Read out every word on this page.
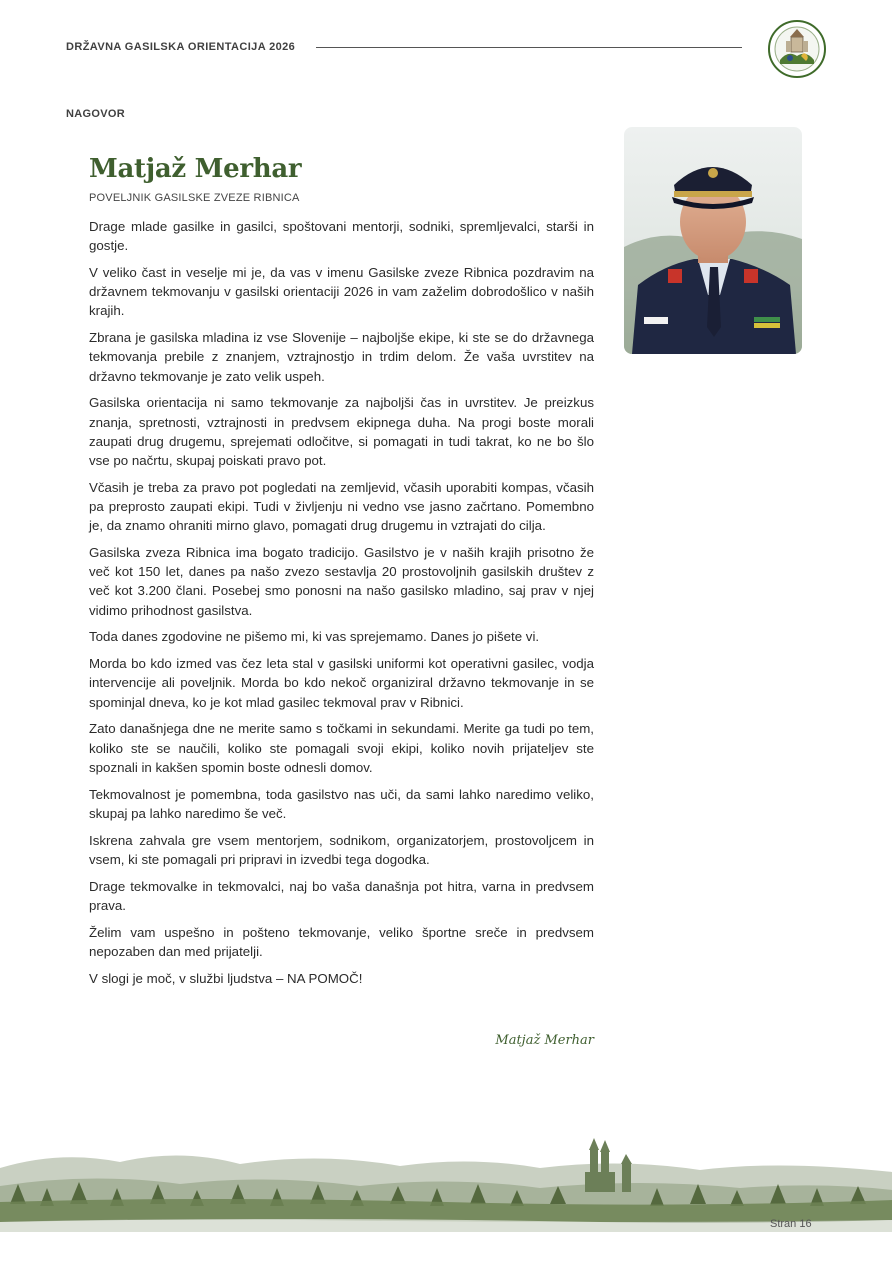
DRŽAVNA GASILSKA ORIENTACIJA 2026
NAGOVOR
Matjaž Merhar
POVELJNIK GASILSKE ZVEZE RIBNICA

Drage mlade gasilke in gasilci, spoštovani mentorji, sodniki, spremljevalci, starši in gostje.

V veliko čast in veselje mi je, da vas v imenu Gasilske zveze Ribnica pozdravim na državnem tekmovanju v gasilski orientaciji 2026 in vam zaželim dobrodošlico v naših krajih.

Zbrana je gasilska mladina iz vse Slovenije – najboljše ekipe, ki ste se do državnega tekmovanja prebile z znanjem, vztrajnostjo in trdim delom. Že vaša uvrstitev na državno tekmovanje je zato velik uspeh.

Gasilska orientacija ni samo tekmovanje za najboljši čas in uvrstitev. Je preizkus znanja, spretnosti, vztrajnosti in predvsem ekipnega duha. Na progi boste morali zaupati drug drugemu, sprejemati odločitve, si pomagati in tudi takrat, ko ne bo šlo vse po načrtu, skupaj poiskati pravo pot.

Včasih je treba za pravo pot pogledati na zemljevid, včasih uporabiti kompas, včasih pa preprosto zaupati ekipi. Tudi v življenju ni vedno vse jasno začrtano. Pomembno je, da znamo ohraniti mirno glavo, pomagati drug drugemu in vztrajati do cilja.

Gasilska zveza Ribnica ima bogato tradicijo. Gasilstvo je v naših krajih prisotno že več kot 150 let, danes pa našo zvezo sestavlja 20 prostovoljnih gasilskih društev z več kot 3.200 člani. Posebej smo ponosni na našo gasilsko mladino, saj prav v njej vidimo prihodnost gasilstva.

Toda danes zgodovine ne pišemo mi, ki vas sprejemamo. Danes jo pišete vi.

Morda bo kdo izmed vas čez leta stal v gasilski uniformi kot operativni gasilec, vodja intervencije ali poveljnik. Morda bo kdo nekoč organiziral državno tekmovanje in se spominjal dneva, ko je kot mlad gasilec tekmoval prav v Ribnici.

Zato današnjega dne ne merite samo s točkami in sekundami. Merite ga tudi po tem, koliko ste se naučili, koliko ste pomagali svoji ekipi, koliko novih prijateljev ste spoznali in kakšen spomin boste odnesli domov.

Tekmovalnost je pomembna, toda gasilstvo nas uči, da sami lahko naredimo veliko, skupaj pa lahko naredimo še več.

Iskrena zahvala gre vsem mentorjem, sodnikom, organizatorjem, prostovoljcem in vsem, ki ste pomagali pri pripravi in izvedbi tega dogodka.

Drage tekmovalke in tekmovalci, naj bo vaša današnja pot hitra, varna in predvsem prava.

Želim vam uspešno in pošteno tekmovanje, veliko športne sreče in predvsem nepozaben dan med prijatelji.

V slogi je moč, v službi ljudstva – NA POMOČ!

Matjaž Merhar
Stran 16
